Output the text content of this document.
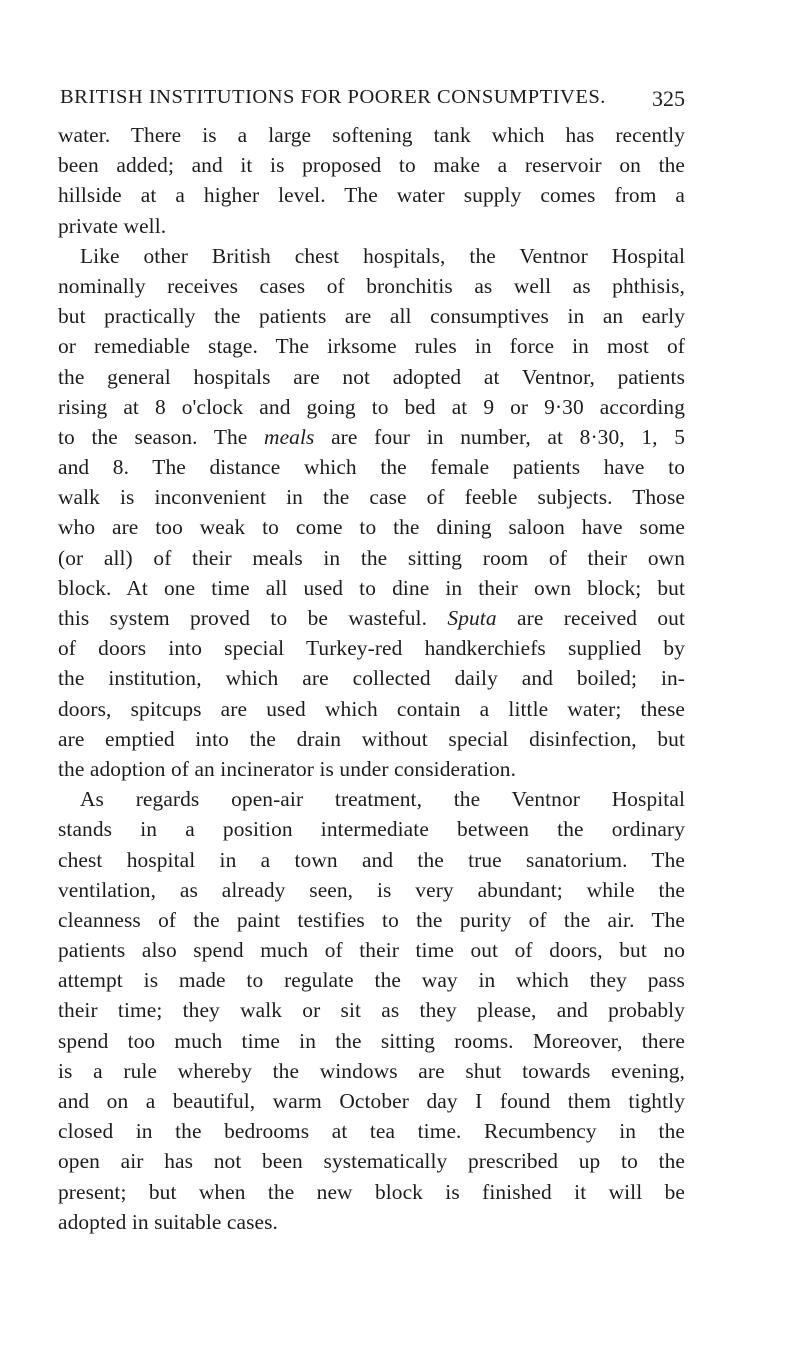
BRITISH INSTITUTIONS FOR POORER CONSUMPTIVES. 325
water. There is a large softening tank which has recently
been added; and it is proposed to make a reservoir on the
hillside at a higher level. The water supply comes from a
private well.
Like other British chest hospitals, the Ventnor Hospital
nominally receives cases of bronchitis as well as phthisis,
but practically the patients are all consumptives in an early
or remediable stage. The irksome rules in force in most of
the general hospitals are not adopted at Ventnor, patients
rising at 8 o'clock and going to bed at 9 or 9·30 according
to the season. The meals are four in number, at 8·30, 1, 5
and 8. The distance which the female patients have to
walk is inconvenient in the case of feeble subjects. Those
who are too weak to come to the dining saloon have some
(or all) of their meals in the sitting room of their own
block. At one time all used to dine in their own block; but
this system proved to be wasteful. Sputa are received out
of doors into special Turkey-red handkerchiefs supplied by
the institution, which are collected daily and boiled; in-
doors, spitcups are used which contain a little water; these
are emptied into the drain without special disinfection, but
the adoption of an incinerator is under consideration.
As regards open-air treatment, the Ventnor Hospital
stands in a position intermediate between the ordinary
chest hospital in a town and the true sanatorium. The
ventilation, as already seen, is very abundant; while the
cleanness of the paint testifies to the purity of the air. The
patients also spend much of their time out of doors, but no
attempt is made to regulate the way in which they pass
their time; they walk or sit as they please, and probably
spend too much time in the sitting rooms. Moreover, there
is a rule whereby the windows are shut towards evening,
and on a beautiful, warm October day I found them tightly
closed in the bedrooms at tea time. Recumbency in the
open air has not been systematically prescribed up to the
present; but when the new block is finished it will be
adopted in suitable cases.
